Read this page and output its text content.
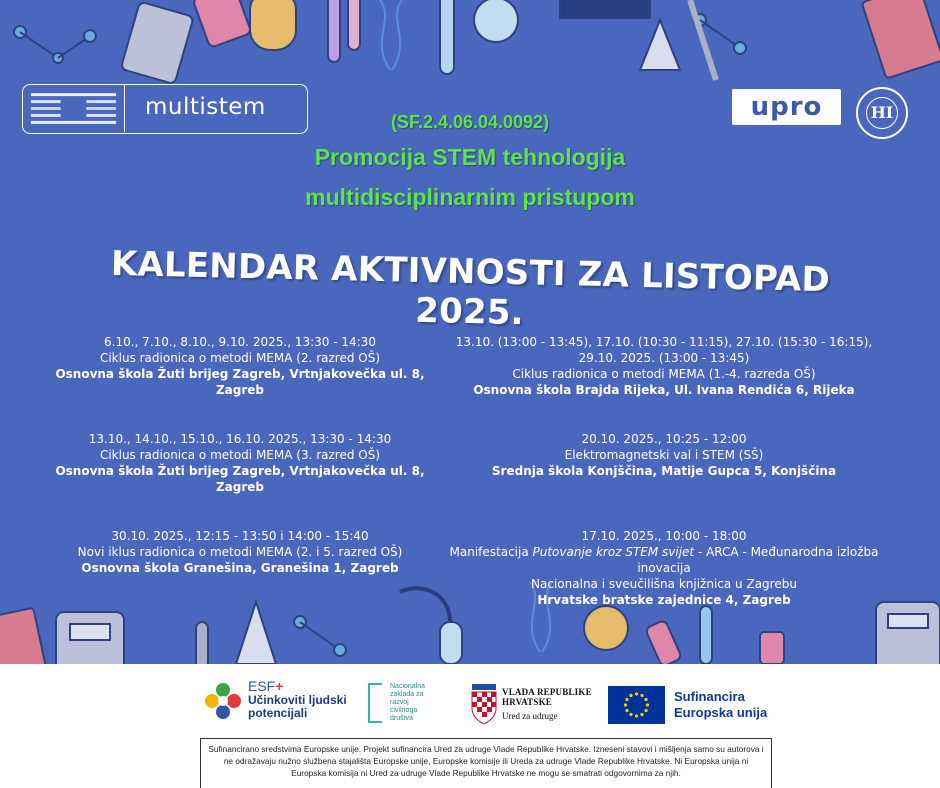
multistem	upro	HI
(SF.2.4.06.04.0092)
Promocija STEM tehnologija
multidisciplinarnim pristupom
KALENDAR AKTIVNOSTI ZA LISTOPAD 2025.
6.10., 7.10., 8.10., 9.10. 2025., 13:30 - 14:30
Ciklus radionica o metodi MEMA (2. razred OŠ)
Osnovna škola Žuti brijeg Zagreb, Vrtnjakovečka ul. 8, Zagreb
13.10., 14.10., 15.10., 16.10. 2025., 13:30 - 14:30
Ciklus radionica o metodi MEMA (3. razred OŠ)
Osnovna škola Žuti brijeg Zagreb, Vrtnjakovečka ul. 8, Zagreb
30.10. 2025., 12:15 - 13:50 i 14:00 - 15:40
Novi iklus radionica o metodi MEMA (2. i 5. razred OŠ)
Osnovna škola Granešina, Granešina 1, Zagreb
13.10. (13:00 - 13:45), 17.10. (10:30 - 11:15), 27.10. (15:30 - 16:15),
29.10. 2025. (13:00 - 13:45)
Ciklus radionica o metodi MEMA (1.-4. razreda OŠ)
Osnovna škola Brajda Rijeka, Ul. Ivana Rendića 6, Rijeka
20.10. 2025., 10:25 - 12:00
Elektromagnetski val i STEM (SŠ)
Srednja škola Konjščina, Matije Gupca 5, Konjščina
17.10. 2025., 10:00 - 18:00
Manifestacija Putovanje kroz STEM svijet - ARCA - Međunarodna izložba inovacija
Nacionalna i sveučilišna knjižnica u Zagrebu
Hrvatske bratske zajednice 4, Zagreb
ESF+
Učinkoviti ljudski
potencijali
Nacionalna
zaklada za
razvoj
civilnoga
društva
VLADA REPUBLIKE
HRVATSKE
Ured za udruge
Sufinancira
Europska unija
Sufinancirano sredstvima Europske unije. Projekt sufinancira Ured za udruge Vlade Republike Hrvatske. Izneseni stavovi i mišljenja samo su autorova i ne odražavaju nužno službena stajališta Europske unije, Europske komisije ili Ureda za udruge Vlade Republike Hrvatske. Ni Europska unija ni Europska komisija ni Ured za udruge Vlade Republike Hrvatske ne mogu se smatrati odgovornima za njih.
